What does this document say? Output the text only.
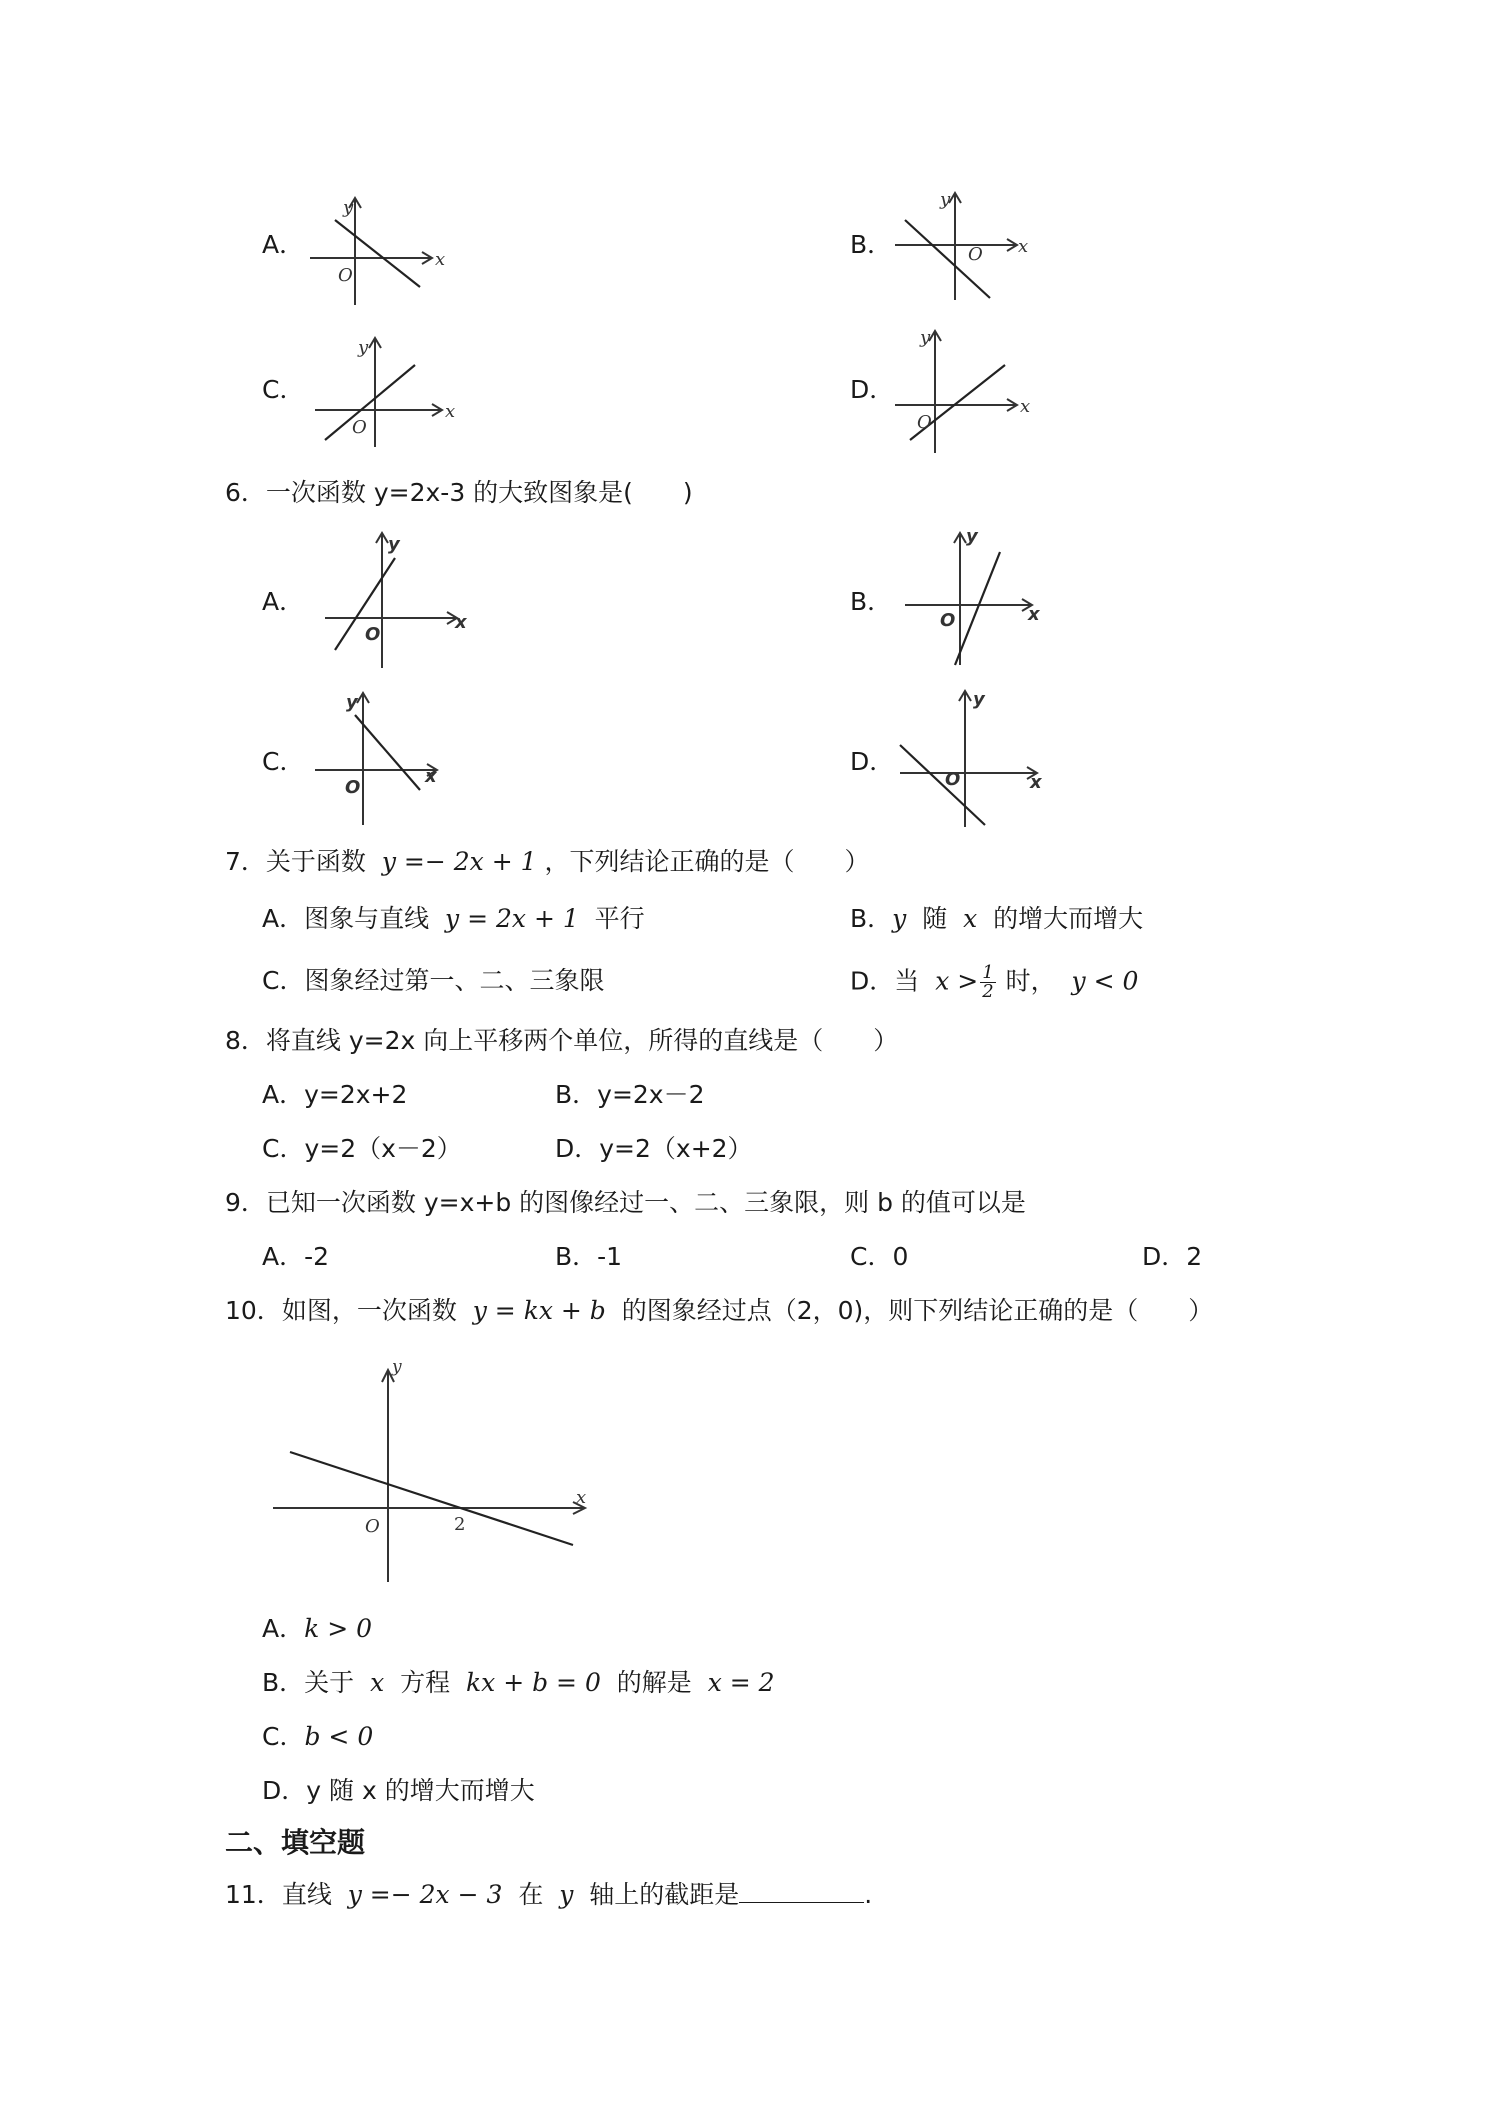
A．
x
y
O
B．	x
y
O
C．
x
y
O
D．
x
y
O
6．一次函数 y=2x-3 的大致图象是(　　)
A．
x
y
O
B．	x
y
O
C．
x
y
O
D．
x
y
O
7．关于函数 y =− 2x + 1 ，下列结论正确的是（　　）
A．图象与直线 y = 2x + 1 平行	B．y 随 x 的增大而增大
C．图象经过第一、二、三象限	D．当 $x > \frac{1}{2}$ 时， y < 0
8．将直线 y=2x 向上平移两个单位，所得的直线是（　　）
A．y=2x+2	B．y=2x－2
C．y=2（x－2）	D．y=2（x+2）
9．已知一次函数 y=x+b 的图像经过一、二、三象限，则 b 的值可以是
A．-2	B．-1	C．0	D．2
10．如图，一次函数 y = kx + b 的图象经过点（2，0)，则下列结论正确的是（　　）
x
y
O	2
A．k > 0
B．关于 x 方程 kx + b = 0 的解是 x = 2
C．b < 0
D．y 随 x 的增大而增大
二、填空题
11．直线 y =− 2x − 3 在 y 轴上的截距是	.
